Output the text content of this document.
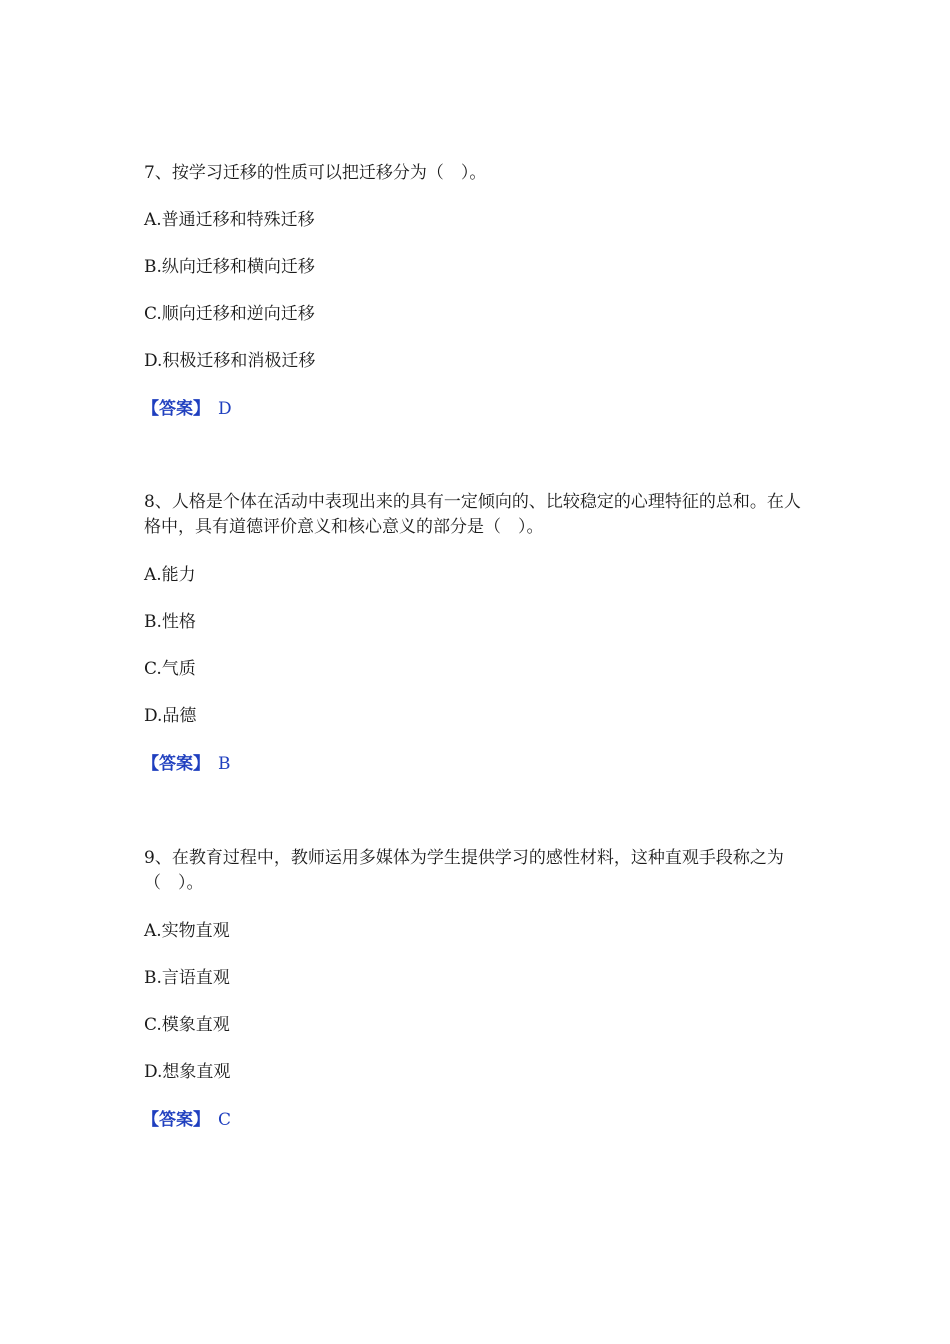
7、按学习迁移的性质可以把迁移分为（　）。

A.普通迁移和特殊迁移

B.纵向迁移和横向迁移

C.顺向迁移和逆向迁移

D.积极迁移和消极迁移

【答案】 D

8、人格是个体在活动中表现出来的具有一定倾向的、比较稳定的心理特征的总和。在人格中，具有道德评价意义和核心意义的部分是（　）。

A.能力

B.性格

C.气质

D.品德

【答案】 B

9、在教育过程中，教师运用多媒体为学生提供学习的感性材料，这种直观手段称之为（　）。

A.实物直观

B.言语直观

C.模象直观

D.想象直观

【答案】 C
